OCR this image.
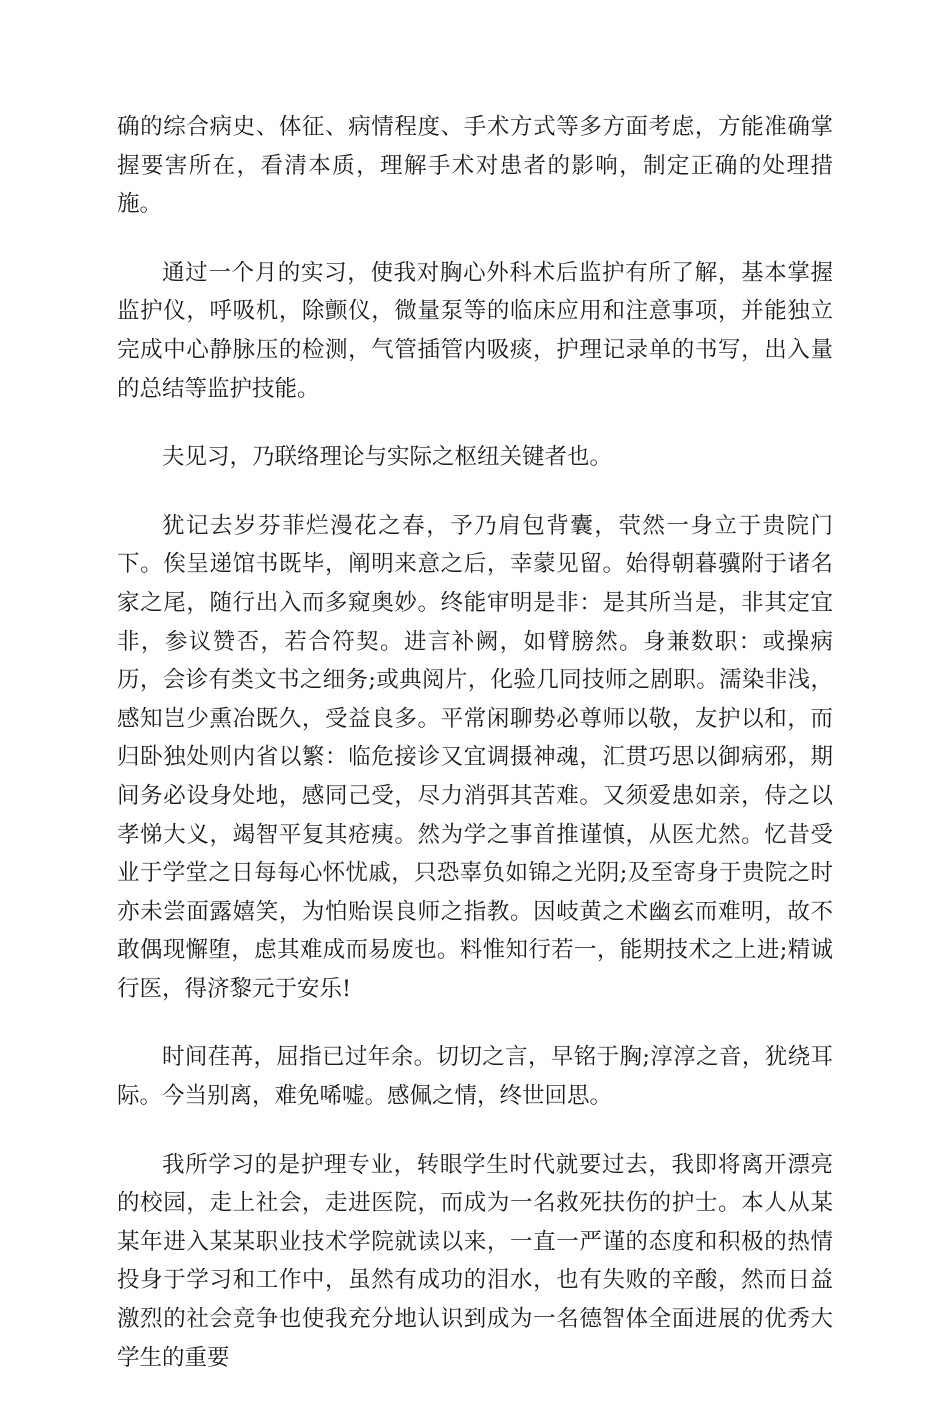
确的综合病史、体征、病情程度、手术方式等多方面考虑，方能准确掌握要害所在，看清本质，理解手术对患者的影响，制定正确的处理措施。

通过一个月的实习，使我对胸心外科术后监护有所了解，基本掌握监护仪，呼吸机，除颤仪，微量泵等的临床应用和注意事项，并能独立完成中心静脉压的检测，气管插管内吸痰，护理记录单的书写，出入量的总结等监护技能。

夫见习，乃联络理论与实际之枢纽关键者也。

犹记去岁芬菲烂漫花之春，予乃肩包背囊，茕然一身立于贵院门下。俟呈递馆书既毕，阐明来意之后，幸蒙见留。始得朝暮骥附于诸名家之尾，随行出入而多窥奥妙。终能审明是非：是其所当是，非其定宜非，参议赞否，若合符契。进言补阙，如臂膀然。身兼数职：或操病历，会诊有类文书之细务;或典阅片，化验几同技师之剧职。濡染非浅，感知岂少熏冶既久，受益良多。平常闲聊势必尊师以敬，友护以和，而归卧独处则内省以繁：临危接诊又宜调摄神魂，汇贯巧思以御病邪，期间务必设身处地，感同己受，尽力消弭其苦难。又须爱患如亲，侍之以孝悌大义，竭智平复其疮痍。然为学之事首推谨慎，从医尤然。忆昔受业于学堂之日每每心怀忧戚，只恐辜负如锦之光阴;及至寄身于贵院之时亦未尝面露嬉笑，为怕贻误良师之指教。因岐黄之术幽玄而难明，故不敢偶现懈堕，虑其难成而易废也。料惟知行若一，能期技术之上进;精诚行医，得济黎元于安乐!

时间荏苒，屈指已过年余。切切之言，早铭于胸;淳淳之音，犹绕耳际。今当别离，难免唏嘘。感佩之情，终世回思。

我所学习的是护理专业，转眼学生时代就要过去，我即将离开漂亮的校园，走上社会，走进医院，而成为一名救死扶伤的护士。本人从某某年进入某某职业技术学院就读以来，一直一严谨的态度和积极的热情投身于学习和工作中，虽然有成功的泪水，也有失败的辛酸，然而日益激烈的社会竞争也使我充分地认识到成为一名德智体全面进展的优秀大学生的重要
